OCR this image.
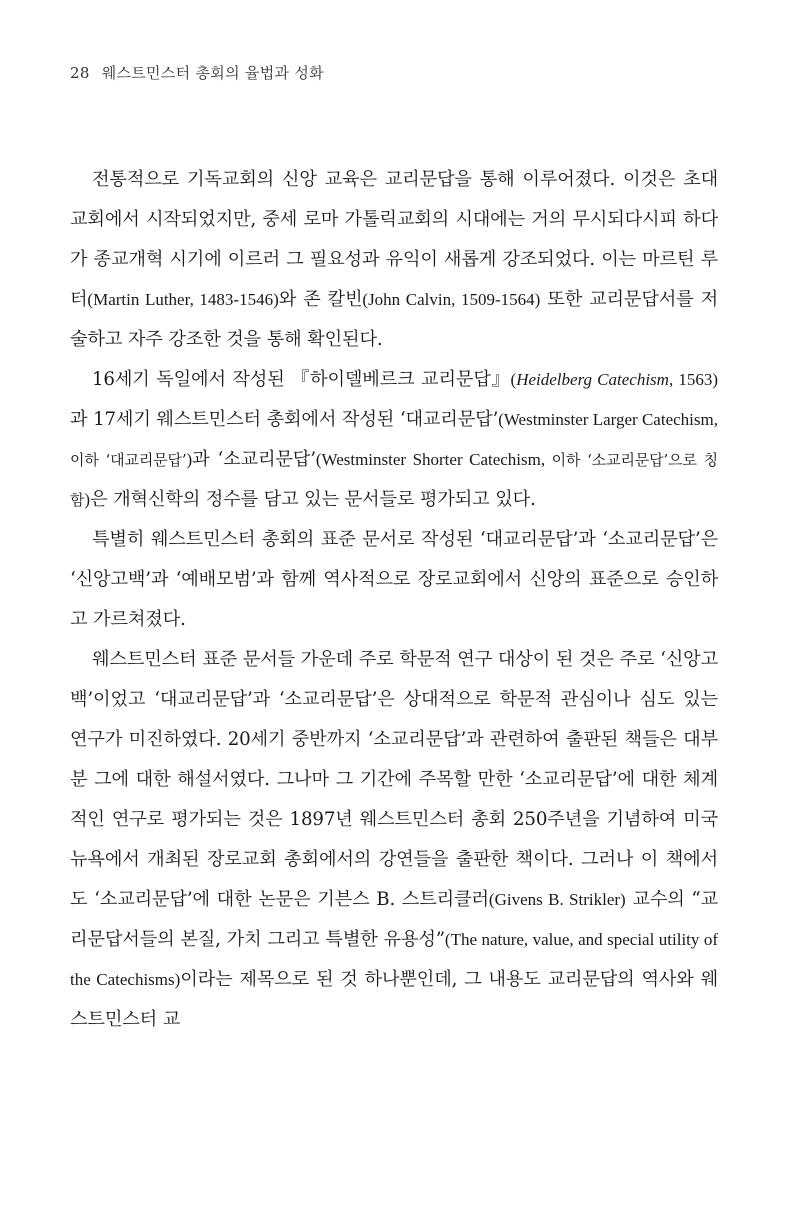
28 웨스트민스터 총회의 율법과 성화

전통적으로 기독교회의 신앙 교육은 교리문답을 통해 이루어졌다. 이것은 초대 교회에서 시작되었지만, 중세 로마 가톨릭교회의 시대에는 거의 무시되다시피 하다가 종교개혁 시기에 이르러 그 필요성과 유익이 새롭게 강조되었다. 이는 마르틴 루터(Martin Luther, 1483-1546)와 존 칼빈(John Calvin, 1509-1564) 또한 교리문답서를 저술하고 자주 강조한 것을 통해 확인된다.

16세기 독일에서 작성된 『하이델베르크 교리문답』(Heidelberg Catechism, 1563)과 17세기 웨스트민스터 총회에서 작성된 ‘대교리문답’(Westminster Larger Catechism, 이하 ‘대교리문답’)과 ‘소교리문답’(Westminster Shorter Catechism, 이하 ‘소교리문답’으로 칭함)은 개혁신학의 정수를 담고 있는 문서들로 평가되고 있다.

특별히 웨스트민스터 총회의 표준 문서로 작성된 ‘대교리문답’과 ‘소교리문답’은 ‘신앙고백’과 ‘예배모범’과 함께 역사적으로 장로교회에서 신앙의 표준으로 승인하고 가르쳐졌다.

웨스트민스터 표준 문서들 가운데 주로 학문적 연구 대상이 된 것은 주로 ‘신앙고백’이었고 ‘대교리문답’과 ‘소교리문답’은 상대적으로 학문적 관심이나 심도 있는 연구가 미진하였다. 20세기 중반까지 ‘소교리문답’과 관련하여 출판된 책들은 대부분 그에 대한 해설서였다. 그나마 그 기간에 주목할 만한 ‘소교리문답’에 대한 체계적인 연구로 평가되는 것은 1897년 웨스트민스터 총회 250주년을 기념하여 미국 뉴욕에서 개최된 장로교회 총회에서의 강연들을 출판한 책이다. 그러나 이 책에서도 ‘소교리문답’에 대한 논문은 기븐스 B. 스트리클러(Givens B. Strikler) 교수의 “교리문답서들의 본질, 가치 그리고 특별한 유용성”(The nature, value, and special utility of the Catechisms)이라는 제목으로 된 것 하나뿐인데, 그 내용도 교리문답의 역사와 웨스트민스터 교
